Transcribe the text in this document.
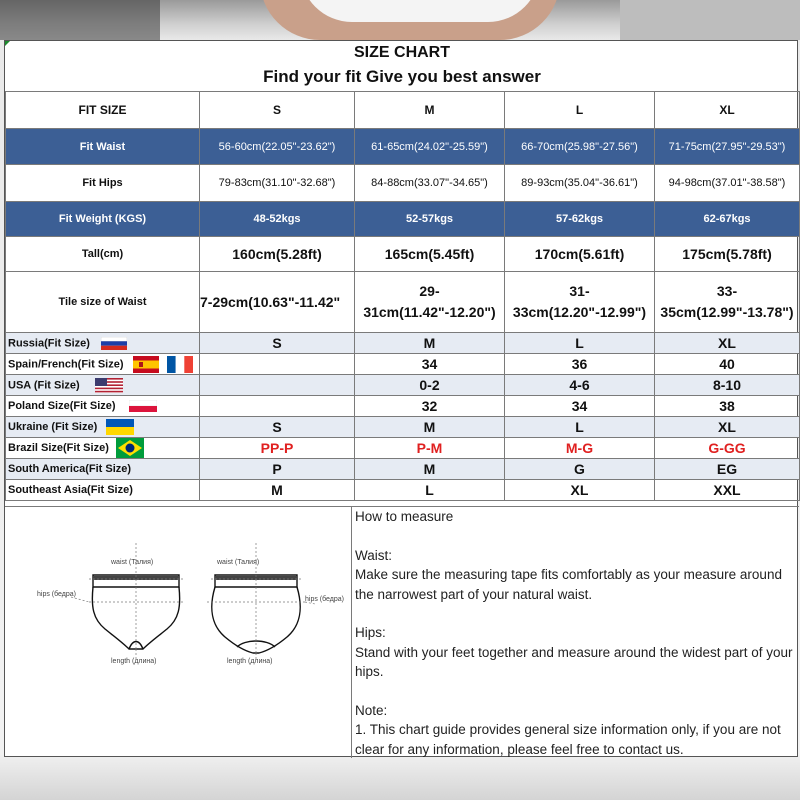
SIZE CHART
Find your fit Give you best answer
FIT SIZE	S	M	L	XL
Fit Waist	56-60cm(22.05"-23.62")	61-65cm(24.02"-25.59")	66-70cm(25.98"-27.56")	71-75cm(27.95"-29.53")
Fit Hips	79-83cm(31.10"-32.68")	84-88cm(33.07"-34.65")	89-93cm(35.04"-36.61")	94-98cm(37.01"-38.58")
Fit Weight (KGS)	48-52kgs	52-57kgs	57-62kgs	62-67kgs
Tall(cm)	160cm(5.28ft)	165cm(5.45ft)	170cm(5.61ft)	175cm(5.78ft)
Tile size of Waist	7-29cm(10.63"-11.42"	29-31cm(11.42"-12.20")	31-33cm(12.20"-12.99")	33-35cm(12.99"-13.78")
Russia(Fit Size)	S	M	L	XL
Spain/French(Fit Size)		34	36	40
USA (Fit Size)		0-2	4-6	8-10
Poland Size(Fit Size)		32	34	38
Ukraine (Fit Size)	S	M	L	XL
Brazil Size(Fit Size)	PP-P	P-M	M-G	G-GG
South America(Fit Size)	P	M	G	EG
Southeast Asia(Fit Size)	M	L	XL	XXL
waist (Талия)	waist (Талия)
hips (бедра)
hips (бедра)
length (длина)	length (длина)

How to measure

Waist:

Make sure the measuring tape fits comfortably as your measure around the narrowest part of your natural waist.

Hips:

Stand with your feet together and measure around the widest part of your hips.

Note:

1. This chart guide provides general size information only, if you are not clear for any information, please feel free to contact us.
